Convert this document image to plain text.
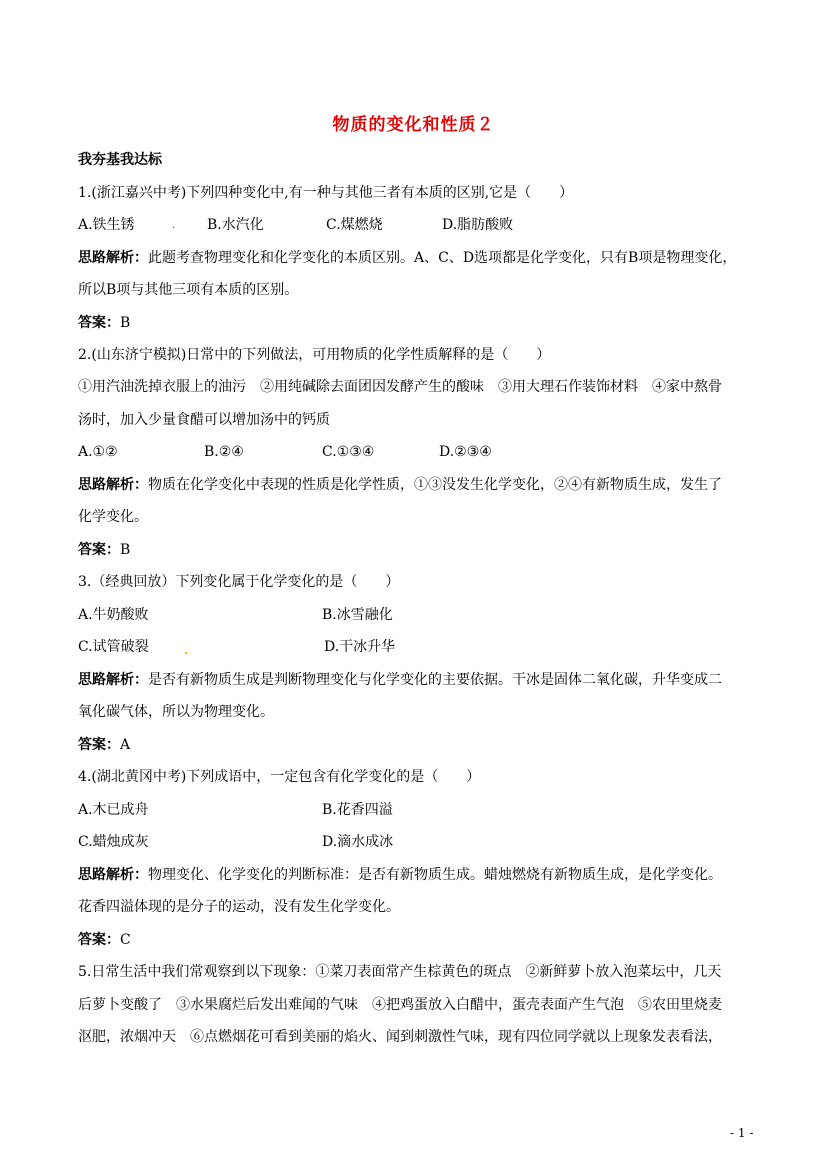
物质的变化和性质２
我夯基我达标
1.(浙江嘉兴中考)下列四种变化中,有一种与其他三者有本质的区别,它是（　　）
A.铁生锈	. B.水汽化	C.煤燃烧	D.脂肪酸败
思路解析：此题考查物理变化和化学变化的本质区别。A、C、D选项都是化学变化，只有B项是物理变化，
所以B项与其他三项有本质的区别。
答案：B
2.(山东济宁模拟)日常中的下列做法，可用物质的化学性质解释的是（　　）
①用汽油洗掉衣服上的油污　②用纯碱除去面团因发酵产生的酸味　③用大理石作装饰材料　④家中熬骨
汤时，加入少量食醋可以增加汤中的钙质
A.①②	B.②④	C.①③④	D.②③④
思路解析：物质在化学变化中表现的性质是化学性质，①③没发生化学变化，②④有新物质生成，发生了
化学变化。
答案：B
3.（经典回放）下列变化属于化学变化的是（　　）
A.牛奶酸败	B.冰雪融化
C.试管破裂	D.干冰升华
思路解析：是否有新物质生成是判断物理变化与化学变化的主要依据。干冰是固体二氧化碳，升华变成二
氧化碳气体，所以为物理变化。
答案：A
4.(湖北黄冈中考)下列成语中，一定包含有化学变化的是（　　）
A.木已成舟	B.花香四溢
C.蜡烛成灰	D.滴水成冰
思路解析：物理变化、化学变化的判断标准：是否有新物质生成。蜡烛燃烧有新物质生成，是化学变化。
花香四溢体现的是分子的运动，没有发生化学变化。
答案：C
5.日常生活中我们常观察到以下现象：①菜刀表面常产生棕黄色的斑点　②新鲜萝卜放入泡菜坛中，几天
后萝卜变酸了　③水果腐烂后发出难闻的气味　④把鸡蛋放入白醋中，蛋壳表面产生气泡　⑤农田里烧麦
沤肥，浓烟冲天　⑥点燃烟花可看到美丽的焰火、闻到刺激性气味，现有四位同学就以上现象发表看法，
- 1 -
